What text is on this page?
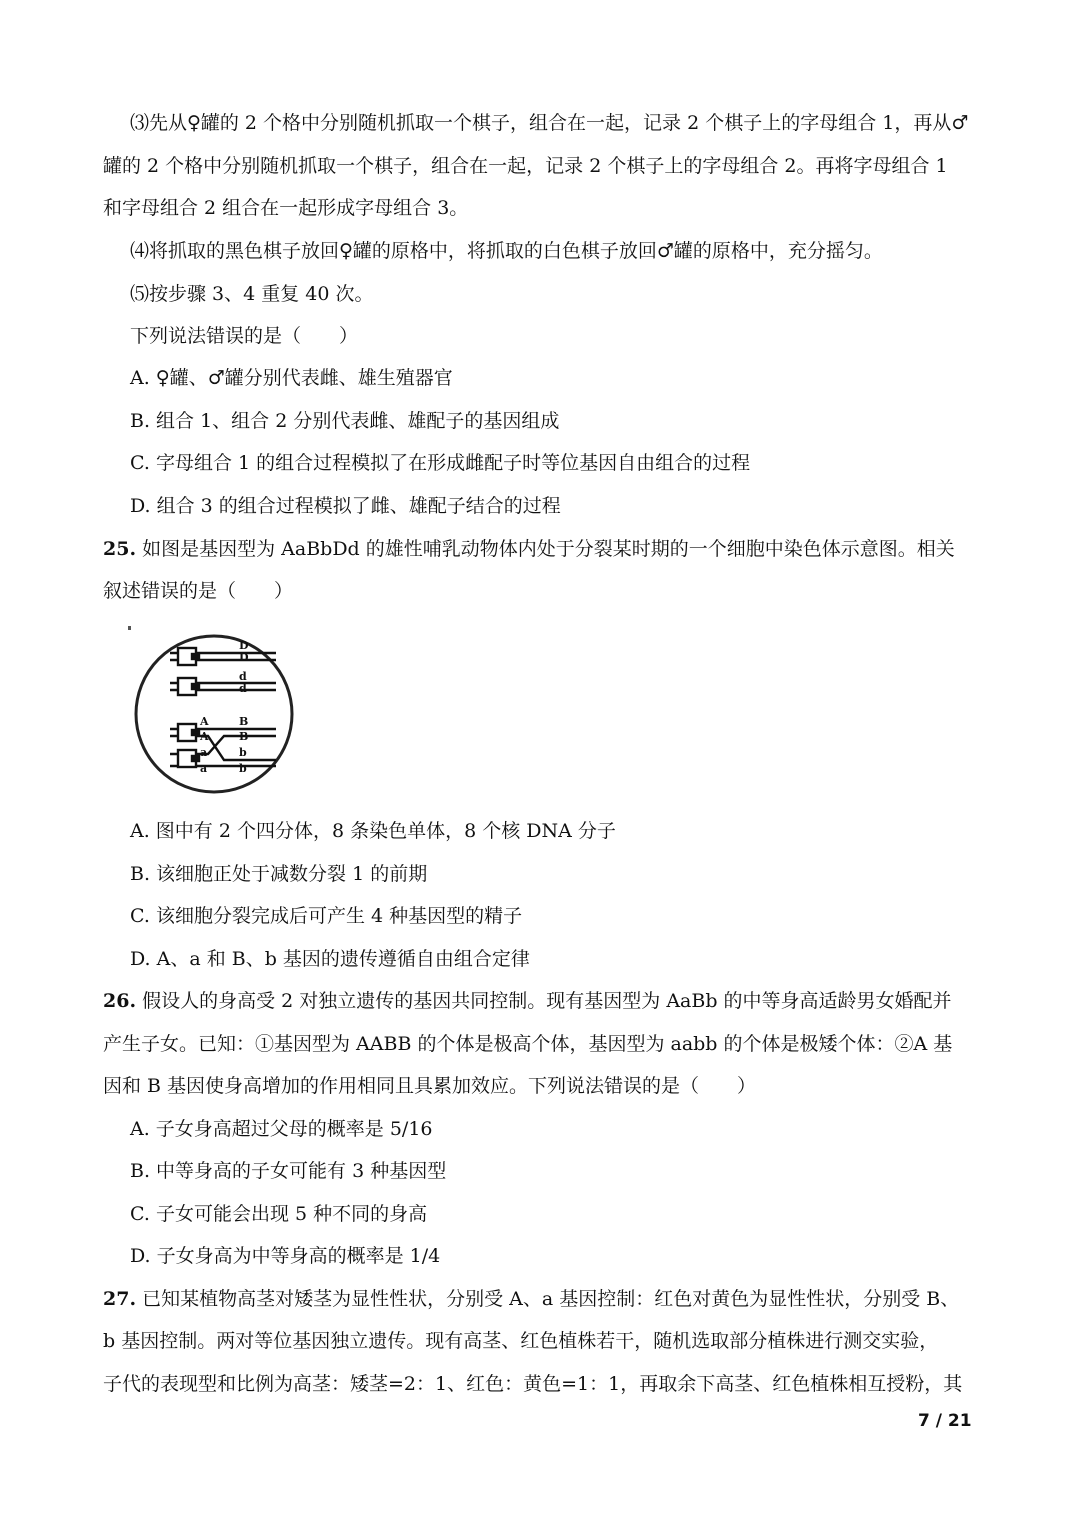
⑶先从♀罐的 2 个格中分别随机抓取一个棋子，组合在一起，记录 2 个棋子上的字母组合 1，再从♂
罐的 2 个格中分别随机抓取一个棋子，组合在一起，记录 2 个棋子上的字母组合 2。再将字母组合 1
和字母组合 2 组合在一起形成字母组合 3。
⑷将抓取的黑色棋子放回♀罐的原格中，将抓取的白色棋子放回♂罐的原格中，充分摇匀。
⑸按步骤 3、4 重复 40 次。
下列说法错误的是（　　）
A. ♀罐、♂罐分别代表雌、雄生殖器官
B. 组合 1、组合 2 分别代表雌、雄配子的基因组成
C. 字母组合 1 的组合过程模拟了在形成雌配子时等位基因自由组合的过程
D. 组合 3 的组合过程模拟了雌、雄配子结合的过程
25. 如图是基因型为 AaBbDd 的雄性哺乳动物体内处于分裂某时期的一个细胞中染色体示意图。相关
叙述错误的是（　　）
D
D
d
d
A
A
a
a
B
B
b
b
A. 图中有 2 个四分体，8 条染色单体，8 个核 DNA 分子
B. 该细胞正处于减数分裂 1 的前期
C. 该细胞分裂完成后可产生 4 种基因型的精子
D. A、a 和 B、b 基因的遗传遵循自由组合定律
26. 假设人的身高受 2 对独立遗传的基因共同控制。现有基因型为 AaBb 的中等身高适龄男女婚配并
产生子女。已知：①基因型为 AABB 的个体是极高个体，基因型为 aabb 的个体是极矮个体：②A 基
因和 B 基因使身高增加的作用相同且具累加效应。下列说法错误的是（　　）
A. 子女身高超过父母的概率是 5/16
B. 中等身高的子女可能有 3 种基因型
C. 子女可能会出现 5 种不同的身高
D. 子女身高为中等身高的概率是 1/4
27. 已知某植物高茎对矮茎为显性性状，分别受 A、a 基因控制：红色对黄色为显性性状，分别受 B、
b 基因控制。两对等位基因独立遗传。现有高茎、红色植株若干，随机选取部分植株进行测交实验，
子代的表现型和比例为高茎：矮茎=2：1、红色：黄色=1：1，再取余下高茎、红色植株相互授粉，其
7 / 21
